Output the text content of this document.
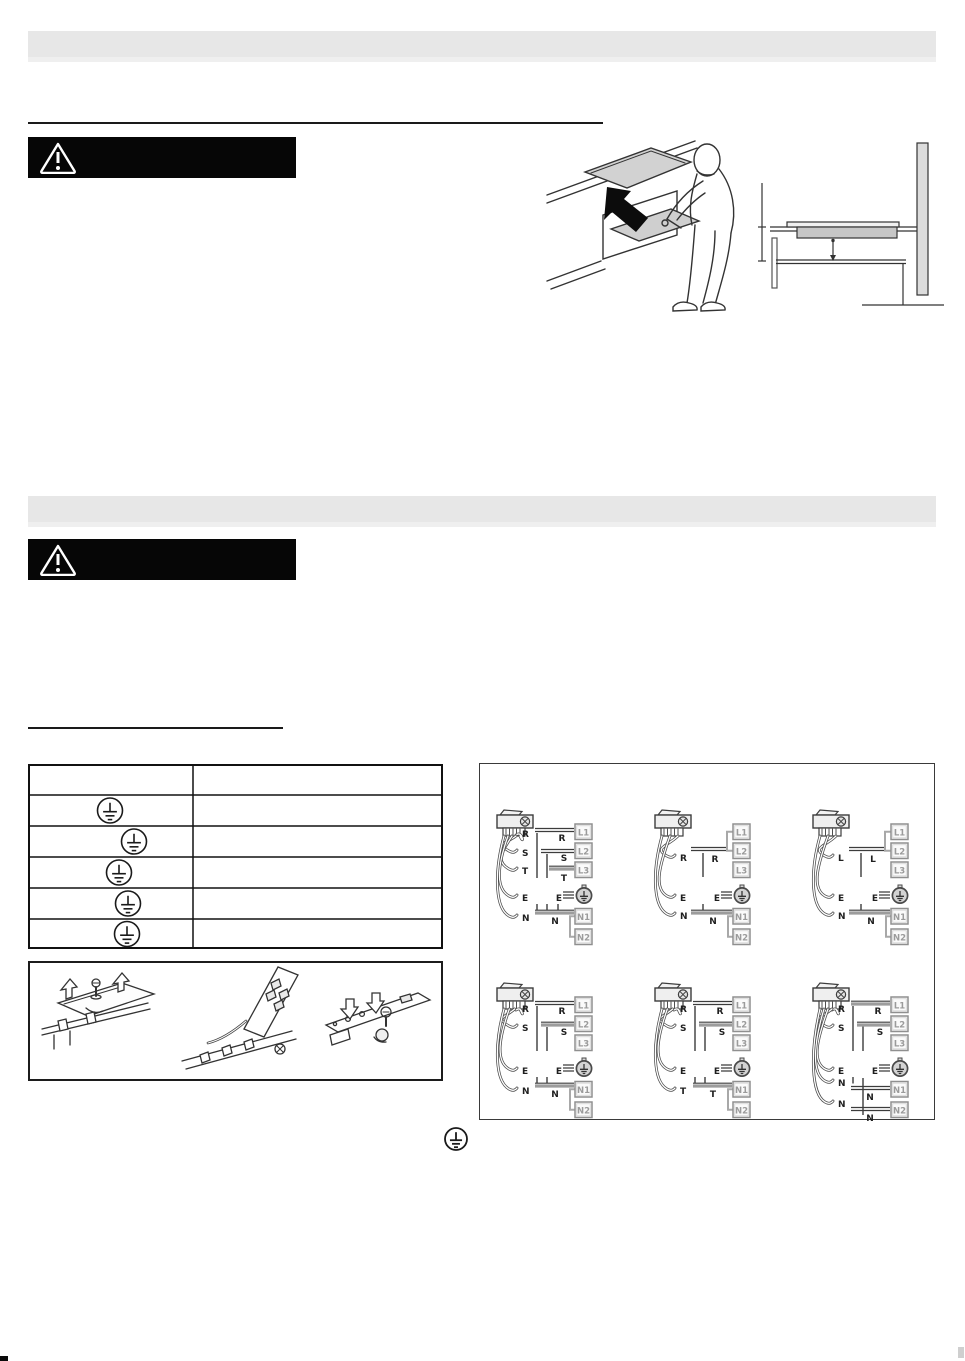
R
S
T
E
N
R
S
T
E
N
L1
L2
L3
N1
N2
R
E
N
R
E
N
L1
L2
L3
N1
N2
L
E
N
L
E
N
L1
L2
L3
N1
N2
R
S
E
N
R
S
E
N
L1
L2
L3
N1
N2
R
S
E
T
R
S
E
T
L1
L2
L3
N1
N2
R
S
E
N
N
R
S
E
N
N
L1
L2
L3
N1
N2
